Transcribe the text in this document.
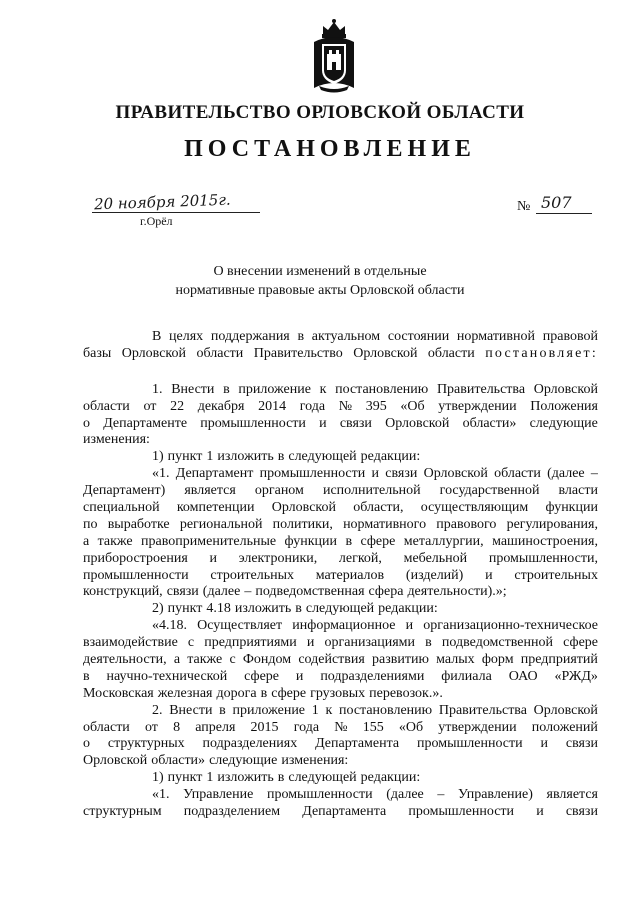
ПРАВИТЕЛЬСТВО ОРЛОВСКОЙ ОБЛАСТИ
ПОСТАНОВЛЕНИЕ
20 ноября 2015г.
г.Орёл
№ 507
О внесении изменений в отдельные
нормативные правовые акты Орловской области
В целях поддержания в актуальном состоянии нормативной правовой
базы Орловской области Правительство Орловской области постановляет:
1. Внести в приложение к постановлению Правительства Орловской
области от 22 декабря 2014 года № 395 «Об утверждении Положения
о Департаменте промышленности и связи Орловской области» следующие
изменения:
1) пункт 1 изложить в следующей редакции:
«1. Департамент промышленности и связи Орловской области (далее –
Департамент) является органом исполнительной государственной власти
специальной компетенции Орловской области, осуществляющим функции
по выработке региональной политики, нормативного правового регулирования,
а также правоприменительные функции в сфере металлургии, машиностроения,
приборостроения и электроники, легкой, мебельной промышленности,
промышленности строительных материалов (изделий) и строительных
конструкций, связи (далее – подведомственная сфера деятельности).»;
2) пункт 4.18 изложить в следующей редакции:
«4.18. Осуществляет информационное и организационно-техническое
взаимодействие с предприятиями и организациями в подведомственной сфере
деятельности, а также с Фондом содействия развитию малых форм предприятий
в научно-технической сфере и подразделениями филиала ОАО «РЖД»
Московская железная дорога в сфере грузовых перевозок.».
2. Внести в приложение 1 к постановлению Правительства Орловской
области от 8 апреля 2015 года № 155 «Об утверждении положений
о структурных подразделениях Департамента промышленности и связи
Орловской области» следующие изменения:
1) пункт 1 изложить в следующей редакции:
«1. Управление промышленности (далее – Управление) является
структурным подразделением Департамента промышленности и связи
